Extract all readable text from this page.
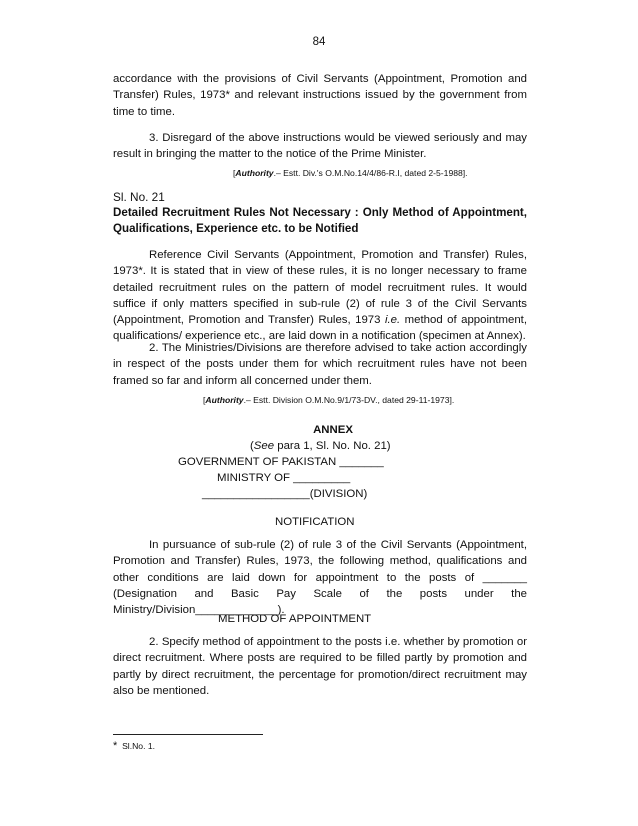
84
accordance with the provisions of Civil Servants (Appointment, Promotion and Transfer) Rules, 1973* and relevant instructions issued by the government from time to time.
3. Disregard of the above instructions would be viewed seriously and may result in bringing the matter to the notice of the Prime Minister.
[Authority.– Estt. Div.'s O.M.No.14/4/86-R.I, dated 2-5-1988].
Sl. No. 21
Detailed Recruitment Rules Not Necessary : Only Method of Appointment, Qualifications, Experience etc. to be Notified
Reference Civil Servants (Appointment, Promotion and Transfer) Rules, 1973*. It is stated that in view of these rules, it is no longer necessary to frame detailed recruitment rules on the pattern of model recruitment rules. It would suffice if only matters specified in sub-rule (2) of rule 3 of the Civil Servants (Appointment, Promotion and Transfer) Rules, 1973 i.e. method of appointment, qualifications/ experience etc., are laid down in a notification (specimen at Annex).
2. The Ministries/Divisions are therefore advised to take action accordingly in respect of the posts under them for which recruitment rules have not been framed so far and inform all concerned under them.
[Authority.– Estt. Division O.M.No.9/1/73-DV., dated 29-11-1973].
ANNEX
(See para 1, Sl. No. No. 21)
GOVERNMENT OF PAKISTAN _______
MINISTRY OF _________
_________________(DIVISION)
NOTIFICATION
In pursuance of sub-rule (2) of rule 3 of the Civil Servants (Appointment, Promotion and Transfer) Rules, 1973, the following method, qualifications and other conditions are laid down for appointment to the posts of _______ (Designation and Basic Pay Scale of the posts under the Ministry/Division_____________).
METHOD OF APPOINTMENT
2. Specify method of appointment to the posts i.e. whether by promotion or direct recruitment. Where posts are required to be filled partly by promotion and partly by direct recruitment, the percentage for promotion/direct recruitment may also be mentioned.
* Sl.No. 1.
